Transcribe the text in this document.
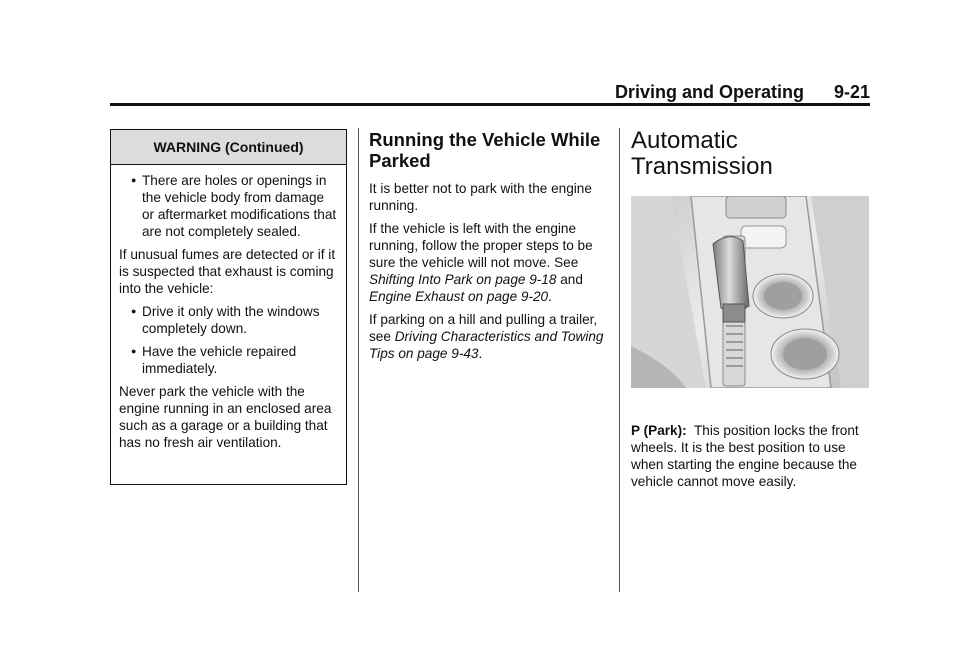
Driving and Operating 9-21
WARNING (Continued)
● There are holes or openings in the vehicle body from damage or aftermarket modifications that are not completely sealed.

If unusual fumes are detected or if it is suspected that exhaust is coming into the vehicle:

● Drive it only with the windows completely down.
● Have the vehicle repaired immediately.

Never park the vehicle with the engine running in an enclosed area such as a garage or a building that has no fresh air ventilation.

Running the Vehicle While Parked

It is better not to park with the engine running.

If the vehicle is left with the engine running, follow the proper steps to be sure the vehicle will not move. See Shifting Into Park on page 9-18 and Engine Exhaust on page 9-20.

If parking on a hill and pulling a trailer, see Driving Characteristics and Towing Tips on page 9-43.

Automatic Transmission

P (Park): This position locks the front wheels. It is the best position to use when starting the engine because the vehicle cannot move easily.
